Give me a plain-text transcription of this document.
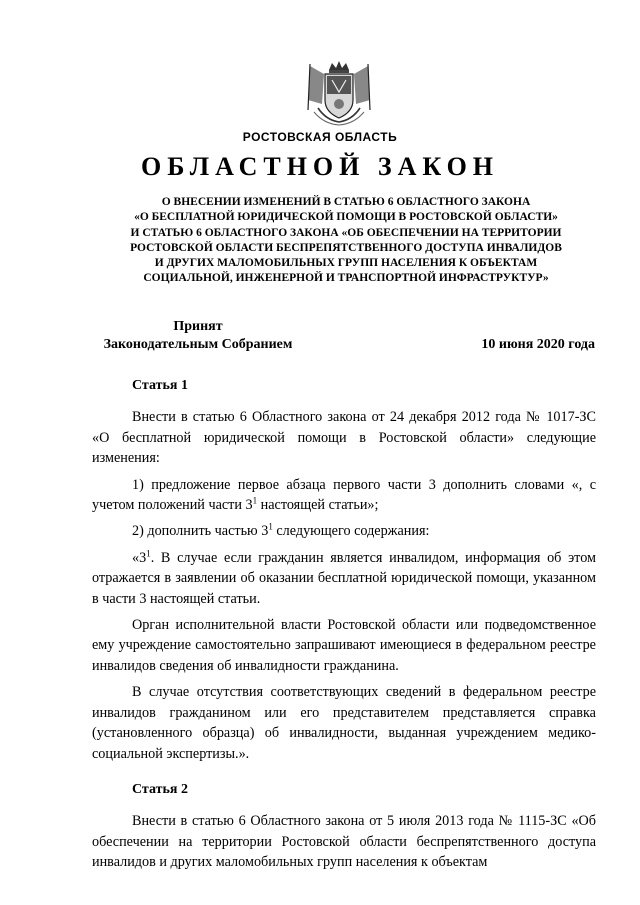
РОСТОВСКАЯ ОБЛАСТЬ
ОБЛАСТНОЙ ЗАКОН
О ВНЕСЕНИИ ИЗМЕНЕНИЙ В СТАТЬЮ 6 ОБЛАСТНОГО ЗАКОНА
«О БЕСПЛАТНОЙ ЮРИДИЧЕСКОЙ ПОМОЩИ В РОСТОВСКОЙ ОБЛАСТИ»
И СТАТЬЮ 6 ОБЛАСТНОГО ЗАКОНА «ОБ ОБЕСПЕЧЕНИИ НА ТЕРРИТОРИИ
РОСТОВСКОЙ ОБЛАСТИ БЕСПРЕПЯТСТВЕННОГО ДОСТУПА ИНВАЛИДОВ
И ДРУГИХ МАЛОМОБИЛЬНЫХ ГРУПП НАСЕЛЕНИЯ К ОБЪЕКТАМ
СОЦИАЛЬНОЙ, ИНЖЕНЕРНОЙ И ТРАНСПОРТНОЙ ИНФРАСТРУКТУР»
Принят
Законодательным Собранием	10 июня 2020 года
Статья 1

Внести в статью 6 Областного закона от 24 декабря 2012 года № 1017-ЗС «О бесплатной юридической помощи в Ростовской области» следующие изменения:

1) предложение первое абзаца первого части 3 дополнить словами «, с учетом положений части $3^1$ настоящей статьи»;

2) дополнить частью $3^1$ следующего содержания:

«$3^1$. В случае если гражданин является инвалидом, информация об этом отражается в заявлении об оказании бесплатной юридической помощи, указанном в части 3 настоящей статьи.

Орган исполнительной власти Ростовской области или подведомственное ему учреждение самостоятельно запрашивают имеющиеся в федеральном реестре инвалидов сведения об инвалидности гражданина.

В случае отсутствия соответствующих сведений в федеральном реестре инвалидов гражданином или его представителем представляется справка (установленного образца) об инвалидности, выданная учреждением медико-социальной экспертизы.».

Статья 2

Внести в статью 6 Областного закона от 5 июля 2013 года № 1115-ЗС «Об обеспечении на территории Ростовской области беспрепятственного доступа инвалидов и других маломобильных групп населения к объектам
